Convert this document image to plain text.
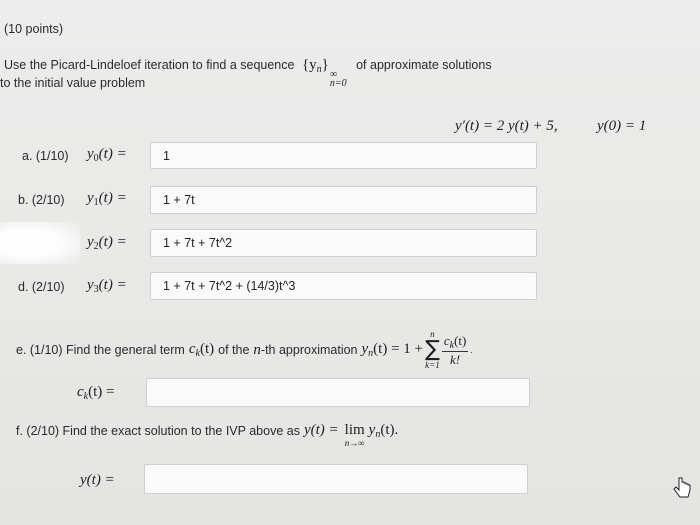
(10 points)
Use the Picard-Lindeloef iteration to find a sequence $\{y_n\}$
∞
n=0
of approximate solutions
to the initial value problem
y′(t) = 2 y(t) + 5,	y(0) = 1
a. (1/10) $y_0(t)$ =	1
b. (2/10) $y_1(t)$ =	1 + 7t
$y_2(t)$ =	1 + 7t + 7t^2
d. (2/10) $y_3(t)$ =	1 + 7t + 7t^2 + (14/3)t^3
e. (1/10) Find the general term $c_k(t)$ of the n -th approximation $y_n(t) = 1$ +
n
∑
$k=1 \frac{c_k(t)}{k!}$ .
$c_k(t)$ =
f. (2/10) Find the exact solution to the IVP above as y(t) = lim
n→∞
$y_n(t)$.
y(t) =
